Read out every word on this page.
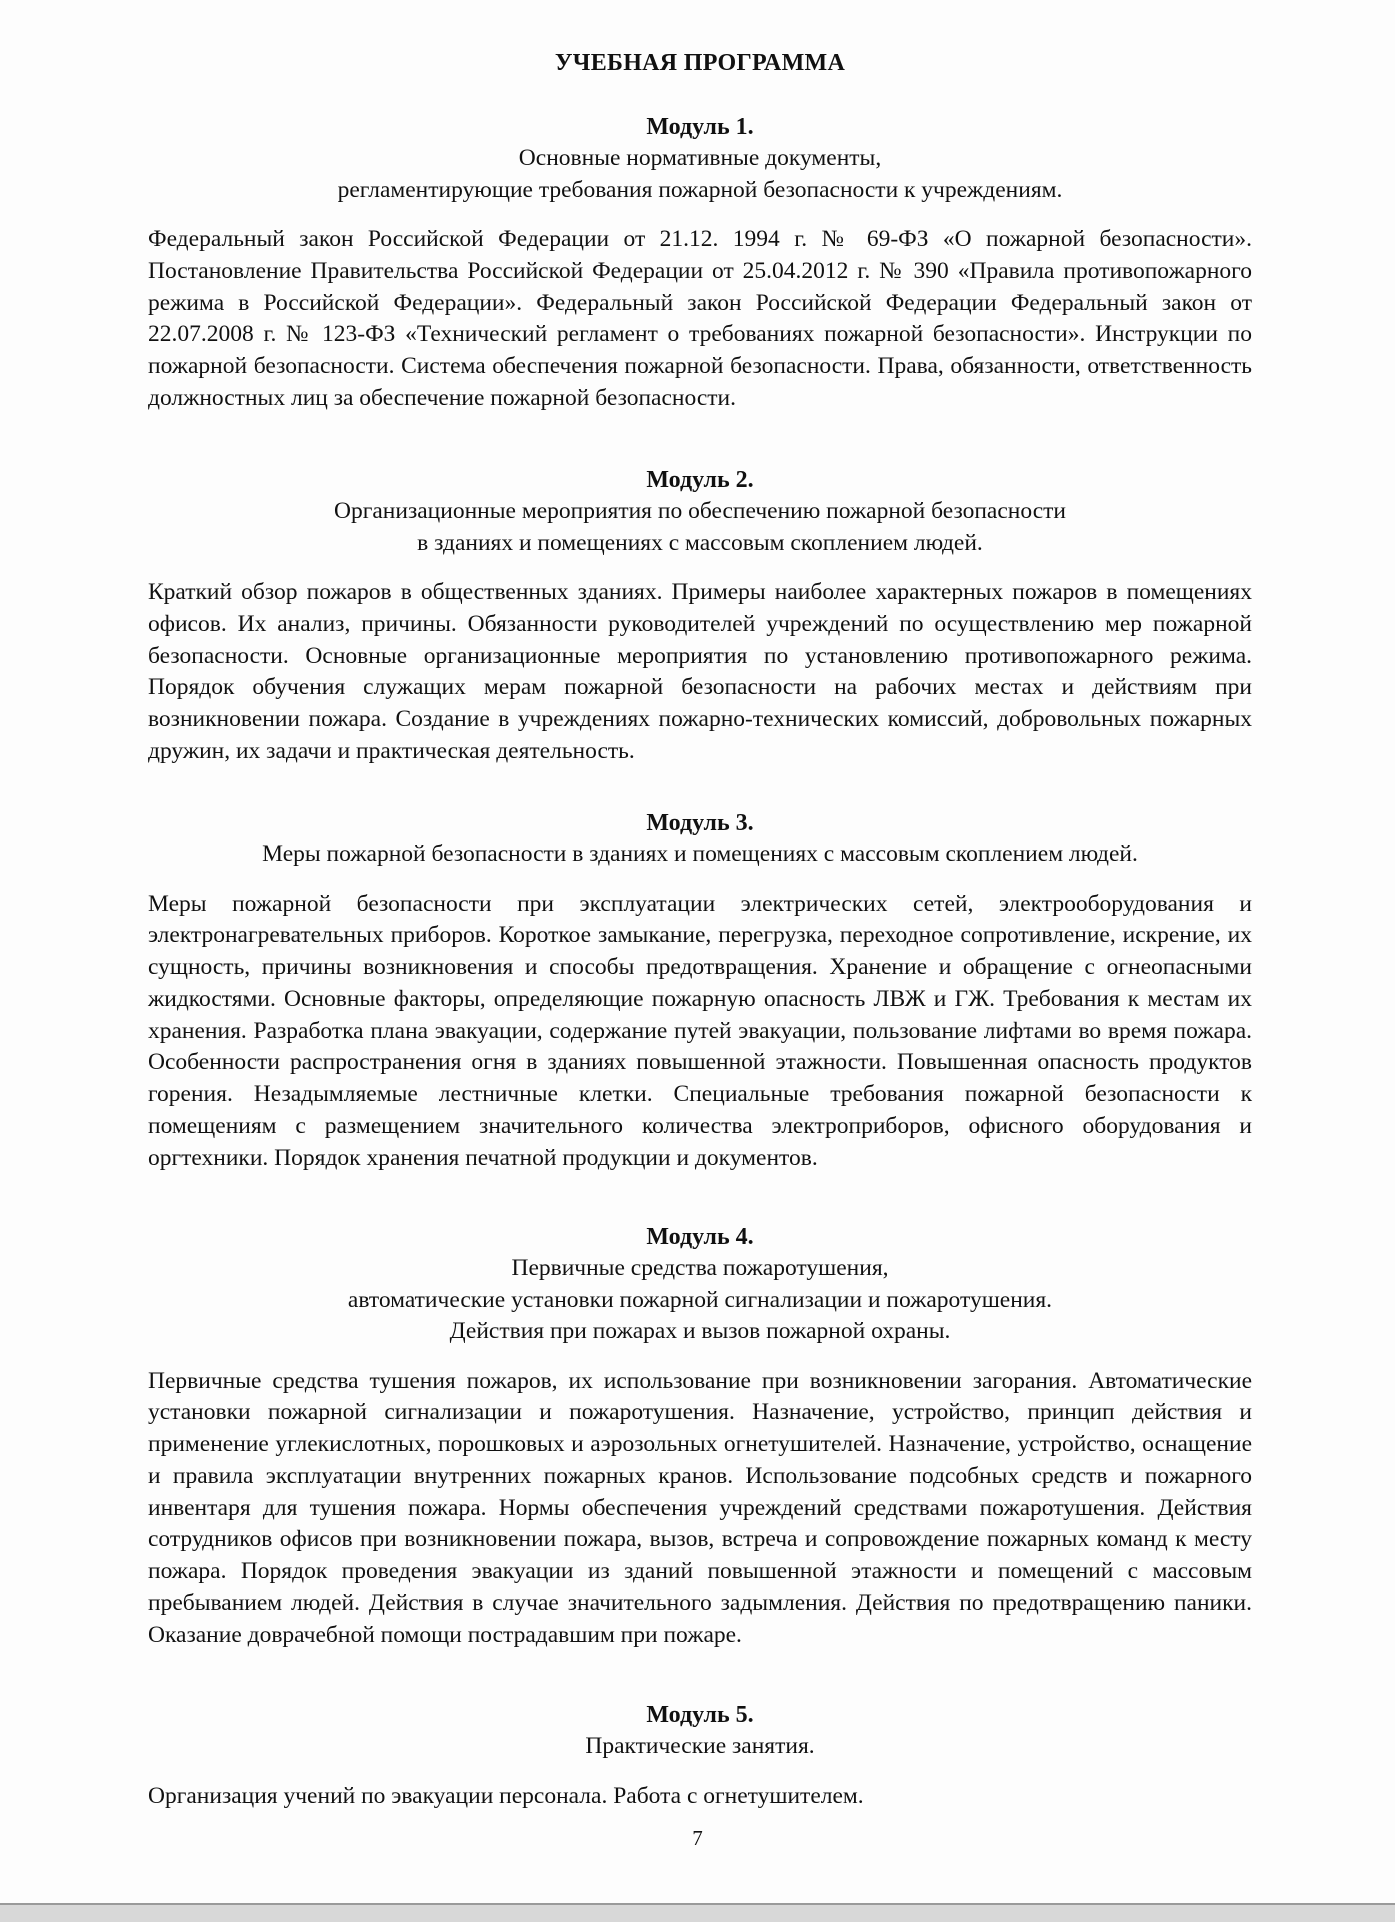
УЧЕБНАЯ ПРОГРАММА

Модуль 1.

Основные нормативные документы,

регламентирующие требования пожарной безопасности к учреждениям.

Федеральный закон Российской Федерации от 21.12. 1994 г. № 69-ФЗ «О пожарной безопасности». Постановление Правительства Российской Федерации от 25.04.2012 г. № 390 «Правила противопожарного режима в Российской Федерации». Федеральный закон Российской Федерации Федеральный закон от 22.07.2008 г. № 123-ФЗ «Технический регламент о требованиях пожарной безопасности». Инструкции по пожарной безопасности. Система обеспечения пожарной безопасности. Права, обязанности, ответственность должностных лиц за обеспечение пожарной безопасности.

Модуль 2.

Организационные мероприятия по обеспечению пожарной безопасности

в зданиях и помещениях с массовым скоплением людей.

Краткий обзор пожаров в общественных зданиях. Примеры наиболее характерных пожаров в помещениях офисов. Их анализ, причины. Обязанности руководителей учреждений по осуществлению мер пожарной безопасности. Основные организационные мероприятия по установлению противопожарного режима. Порядок обучения служащих мерам пожарной безопасности на рабочих местах и действиям при возникновении пожара. Создание в учреждениях пожарно-технических комиссий, добровольных пожарных дружин, их задачи и практическая деятельность.

Модуль 3.

Меры пожарной безопасности в зданиях и помещениях с массовым скоплением людей.

Меры пожарной безопасности при эксплуатации электрических сетей, электрооборудования и электронагревательных приборов. Короткое замыкание, перегрузка, переходное сопротивление, искрение, их сущность, причины возникновения и способы предотвращения. Хранение и обращение с огнеопасными жидкостями. Основные факторы, определяющие пожарную опасность ЛВЖ и ГЖ. Требования к местам их хранения. Разработка плана эвакуации, содержание путей эвакуации, пользование лифтами во время пожара. Особенности распространения огня в зданиях повышенной этажности. Повышенная опасность продуктов горения. Незадымляемые лестничные клетки. Специальные требования пожарной безопасности к помещениям с размещением значительного количества электроприборов, офисного оборудования и оргтехники. Порядок хранения печатной продукции и документов.

Модуль 4.

Первичные средства пожаротушения,

автоматические установки пожарной сигнализации и пожаротушения.

Действия при пожарах и вызов пожарной охраны.

Первичные средства тушения пожаров, их использование при возникновении загорания. Автоматические установки пожарной сигнализации и пожаротушения. Назначение, устройство, принцип действия и применение углекислотных, порошковых и аэрозольных огнетушителей. Назначение, устройство, оснащение и правила эксплуатации внутренних пожарных кранов. Использование подсобных средств и пожарного инвентаря для тушения пожара. Нормы обеспечения учреждений средствами пожаротушения. Действия сотрудников офисов при возникновении пожара, вызов, встреча и сопровождение пожарных команд к месту пожара. Порядок проведения эвакуации из зданий повышенной этажности и помещений с массовым пребыванием людей. Действия в случае значительного задымления. Действия по предотвращению паники. Оказание доврачебной помощи пострадавшим при пожаре.

Модуль 5.

Практические занятия.

Организация учений по эвакуации персонала. Работа с огнетушителем.

7
